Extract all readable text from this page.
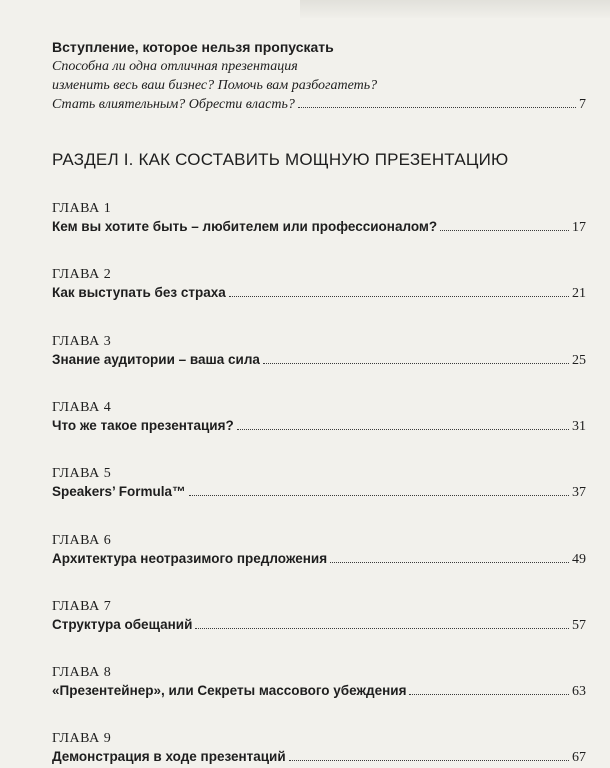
Вступление, которое нельзя пропускать
Способна ли одна отличная презентация
изменить весь ваш бизнес? Помочь вам разбогатеть?
Стать влиятельным? Обрести власть?	7
РАЗДЕЛ I. КАК СОСТАВИТЬ МОЩНУЮ ПРЕЗЕНТАЦИЮ
ГЛАВА 1
Кем вы хотите быть – любителем или профессионалом?	17
ГЛАВА 2
Как выступать без страха	21
ГЛАВА 3
Знание аудитории – ваша сила	25
ГЛАВА 4
Что же такое презентация?	31
ГЛАВА 5
Speakers’ Formula™	37
ГЛАВА 6
Архитектура неотразимого предложения	49
ГЛАВА 7
Структура обещаний	57
ГЛАВА 8
«Презентейнер», или Секреты массового убеждения	63
ГЛАВА 9
Демонстрация в ходе презентаций	67
